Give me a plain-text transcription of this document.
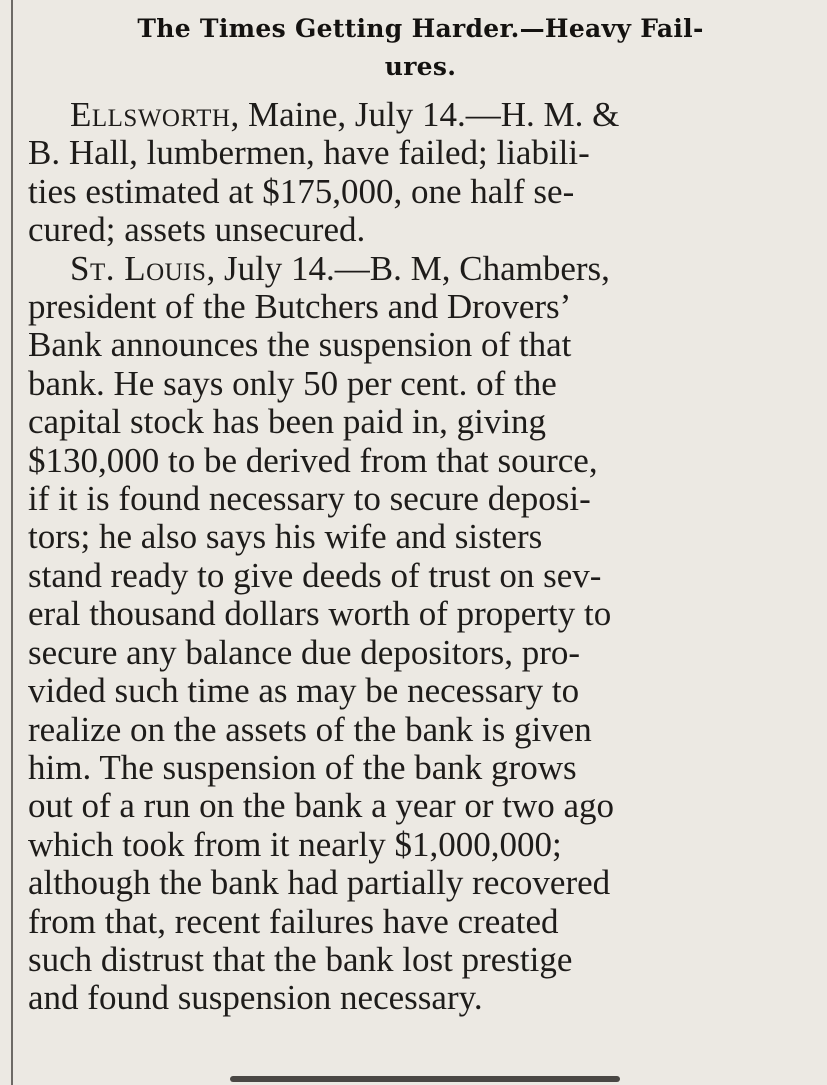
The Times Getting Harder.—Heavy Fail-
ures.
Ellsworth, Maine, July 14.—H. M. &
B. Hall, lumbermen, have failed; liabili-
ties estimated at $175,000, one half se-
cured; assets unsecured.
St. Louis, July 14.—B. M, Chambers,
president of the Butchers and Drovers’
Bank announces the suspension of that
bank. He says only 50 per cent. of the
capital stock has been paid in, giving
$130,000 to be derived from that source,
if it is found necessary to secure deposi-
tors; he also says his wife and sisters
stand ready to give deeds of trust on sev-
eral thousand dollars worth of property to
secure any balance due depositors, pro-
vided such time as may be necessary to
realize on the assets of the bank is given
him. The suspension of the bank grows
out of a run on the bank a year or two ago
which took from it nearly $1,000,000;
although the bank had partially recovered
from that, recent failures have created
such distrust that the bank lost prestige
and found suspension necessary.
